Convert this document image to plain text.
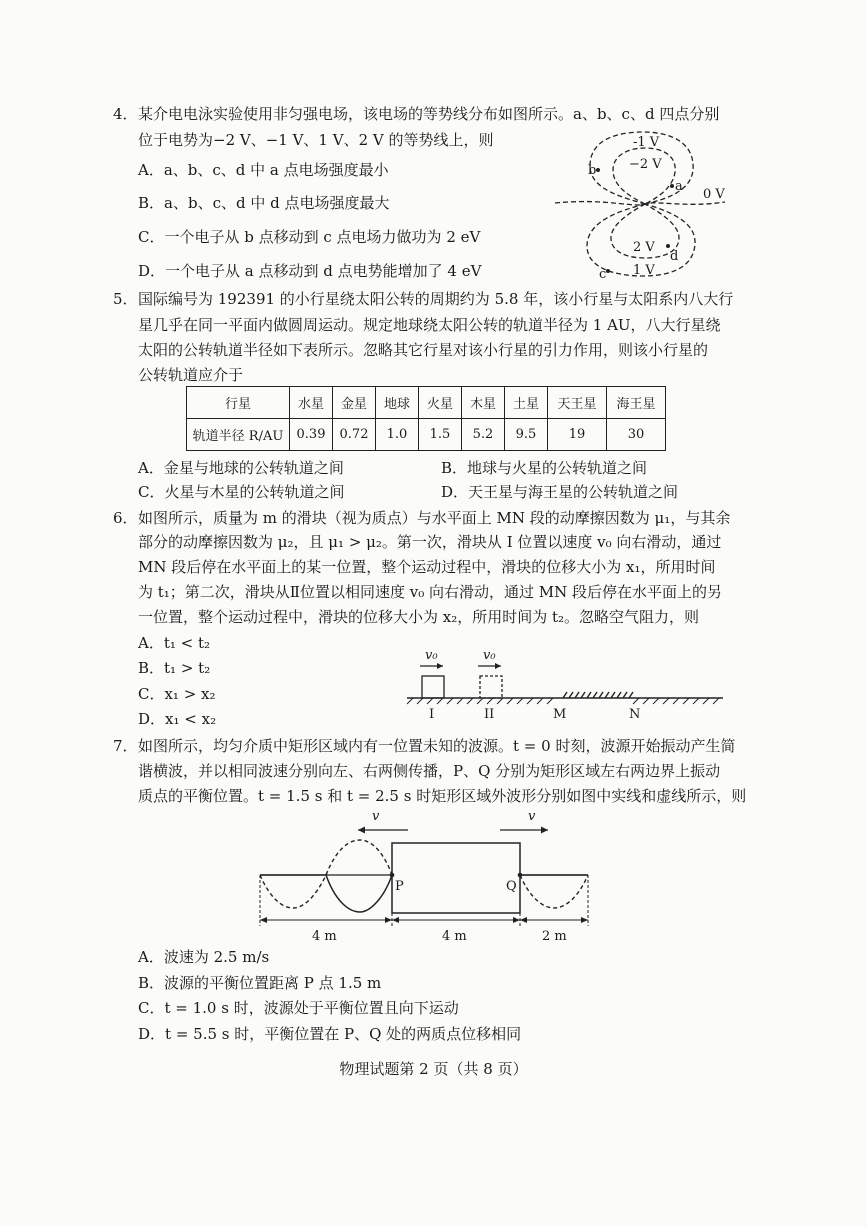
4． 某介电电泳实验使用非匀强电场，该电场的等势线分布如图所示。a、b、c、d 四点分别
位于电势为−2 V、−1 V、1 V、2 V 的等势线上，则
A．a、b、c、d 中 a 点电场强度最小
B．a、b、c、d 中 d 点电场强度最大
C．一个电子从 b 点移动到 c 点电场力做功为 2 eV
D．一个电子从 a 点移动到 d 点电势能增加了 4 eV
-1 V
−2 V
0 V
2 V
1 V
a
b
c
d
5． 国际编号为 192391 的小行星绕太阳公转的周期约为 5.8 年，该小行星与太阳系内八大行
星几乎在同一平面内做圆周运动。规定地球绕太阳公转的轨道半径为 1 AU，八大行星绕
太阳的公转轨道半径如下表所示。忽略其它行星对该小行星的引力作用，则该小行星的
公转轨道应介于
行星	水星	金星	地球	火星	木星	土星	天王星	海王星
轨道半径 R/AU	0.39	0.72	1.0	1.5	5.2	9.5	19	30
A．金星与地球的公转轨道之间	B．地球与火星的公转轨道之间
C．火星与木星的公转轨道之间	D．天王星与海王星的公转轨道之间
6． 如图所示，质量为 m 的滑块（视为质点）与水平面上 MN 段的动摩擦因数为 μ₁，与其余
部分的动摩擦因数为 μ₂，且 μ₁ > μ₂。第一次，滑块从 I 位置以速度 v₀ 向右滑动，通过
MN 段后停在水平面上的某一位置，整个运动过程中，滑块的位移大小为 x₁，所用时间
为 t₁；第二次，滑块从Ⅱ位置以相同速度 v₀ 向右滑动，通过 MN 段后停在水平面上的另
一位置，整个运动过程中，滑块的位移大小为 x₂，所用时间为 t₂。忽略空气阻力，则
A．t₁ < t₂
B．t₁ > t₂
C．x₁ > x₂
D．x₁ < x₂
v₀	v₀
I	II	M	N
7． 如图所示，均匀介质中矩形区域内有一位置未知的波源。t = 0 时刻，波源开始振动产生简
谐横波，并以相同波速分别向左、右两侧传播，P、Q 分别为矩形区域左右两边界上振动
质点的平衡位置。t = 1.5 s 和 t = 2.5 s 时矩形区域外波形分别如图中实线和虚线所示，则
v	v
P	Q
4 m	4 m	2 m
A．波速为 2.5 m/s
B．波源的平衡位置距离 P 点 1.5 m
C．t = 1.0 s 时，波源处于平衡位置且向下运动
D．t = 5.5 s 时，平衡位置在 P、Q 处的两质点位移相同
物理试题第 2 页（共 8 页）
